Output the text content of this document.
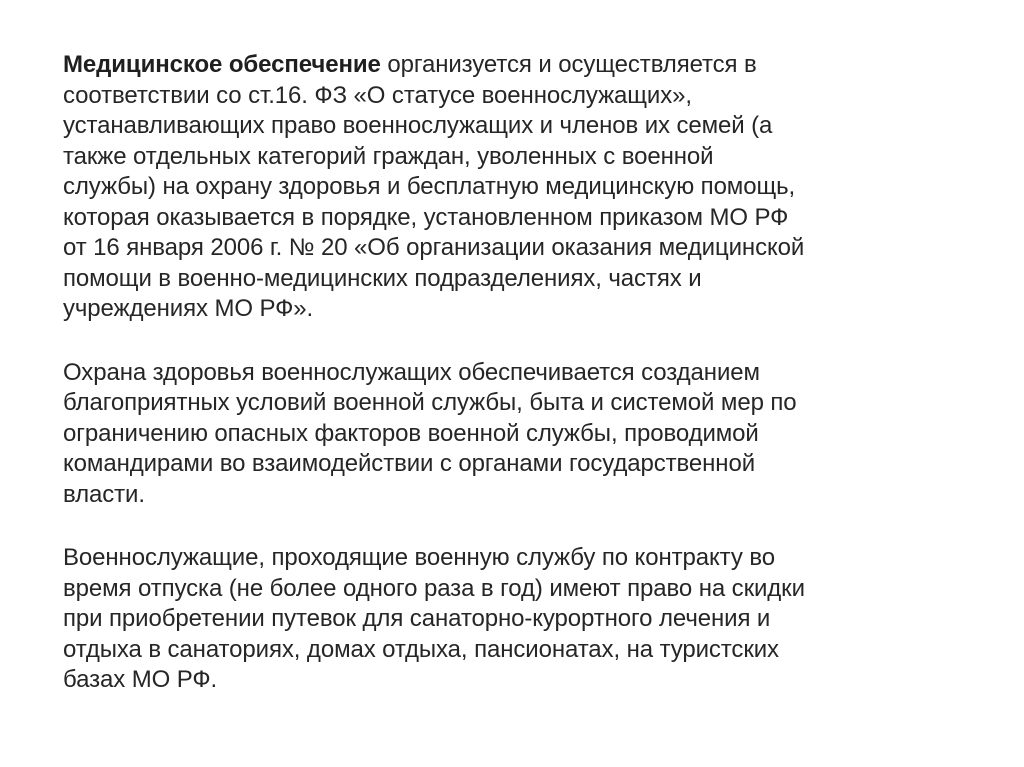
Медицинское обеспечение организуется и осуществляется в
соответствии со ст.16. ФЗ «О статусе военнослужащих»,
устанавливающих право военнослужащих и членов их семей (а
также отдельных категорий граждан, уволенных с военной
службы) на охрану здоровья и бесплатную медицинскую помощь,
которая оказывается в порядке, установленном приказом МО РФ
от 16 января 2006 г. № 20 «Об организации оказания медицинской
помощи в военно-медицинских подразделениях, частях и
учреждениях МО РФ».

Охрана здоровья военнослужащих обеспечивается созданием
благоприятных условий военной службы, быта и системой мер по
ограничению опасных факторов военной службы, проводимой
командирами во взаимодействии с органами государственной
власти.

Военнослужащие, проходящие военную службу по контракту во
время отпуска (не более одного раза в год) имеют право на скидки
при приобретении путевок для санаторно-курортного лечения и
отдыха в санаториях, домах отдыха, пансионатах, на туристских
базах МО РФ.
